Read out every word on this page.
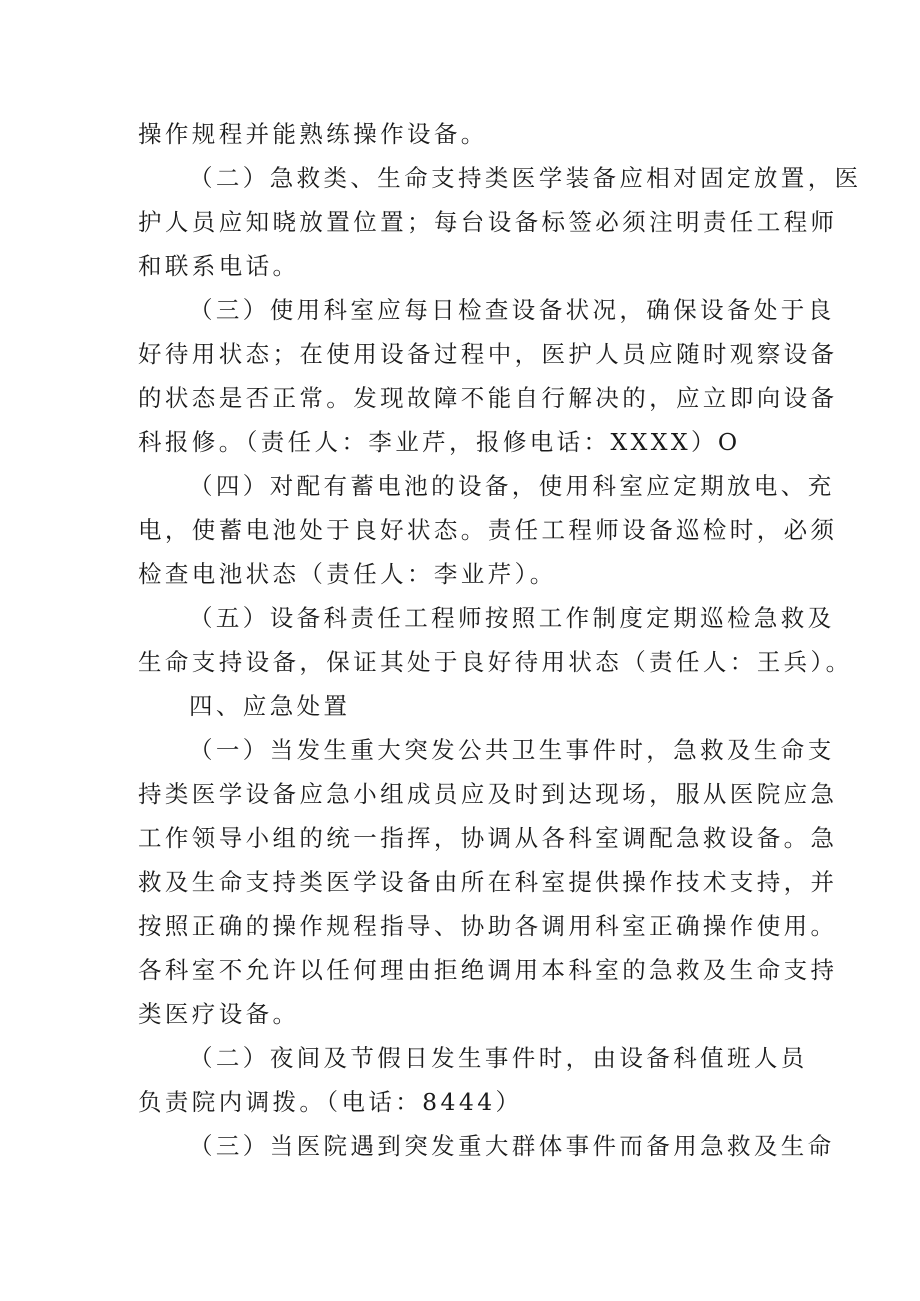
操作规程并能熟练操作设备。
（二）急救类、生命支持类医学装备应相对固定放置，医
护人员应知晓放置位置；每台设备标签必须注明责任工程师
和联系电话。
（三）使用科室应每日检查设备状况，确保设备处于良
好待用状态；在使用设备过程中，医护人员应随时观察设备
的状态是否正常。发现故障不能自行解决的，应立即向设备
科报修。（责任人：李业芹，报修电话：XXXX）O
（四）对配有蓄电池的设备，使用科室应定期放电、充
电，使蓄电池处于良好状态。责任工程师设备巡检时，必须
检查电池状态（责任人：李业芹）。
（五）设备科责任工程师按照工作制度定期巡检急救及
生命支持设备，保证其处于良好待用状态（责任人：王兵）。
四、应急处置
（一）当发生重大突发公共卫生事件时，急救及生命支
持类医学设备应急小组成员应及时到达现场，服从医院应急
工作领导小组的统一指挥，协调从各科室调配急救设备。急
救及生命支持类医学设备由所在科室提供操作技术支持，并
按照正确的操作规程指导、协助各调用科室正确操作使用。
各科室不允许以任何理由拒绝调用本科室的急救及生命支持
类医疗设备。
（二）夜间及节假日发生事件时，由设备科值班人员
负责院内调拨。（电话：8444）
（三）当医院遇到突发重大群体事件而备用急救及生命
